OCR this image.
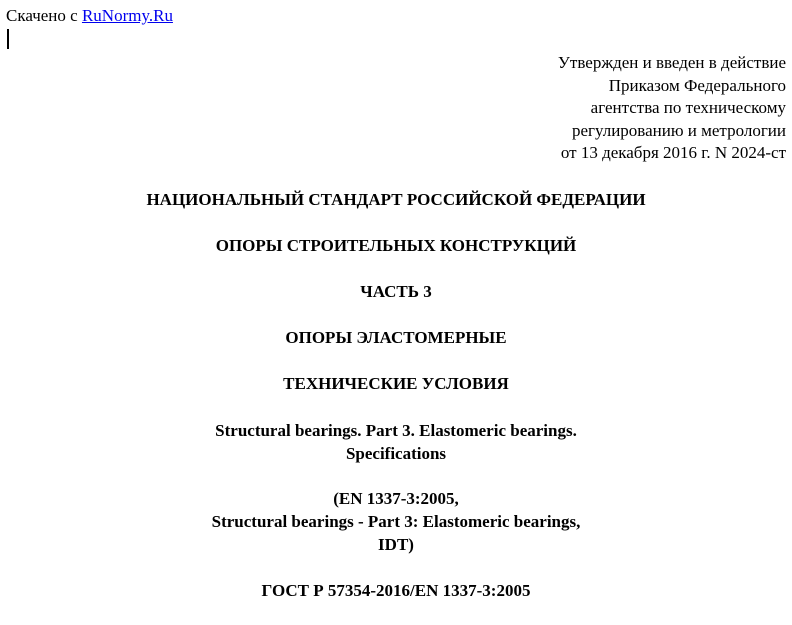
Скачено с RuNormy.Ru
Утвержден и введен в действие
Приказом Федерального
агентства по техническому
регулированию и метрологии
от 13 декабря 2016 г. N 2024-ст
НАЦИОНАЛЬНЫЙ СТАНДАРТ РОССИЙСКОЙ ФЕДЕРАЦИИ
ОПОРЫ СТРОИТЕЛЬНЫХ КОНСТРУКЦИЙ
ЧАСТЬ 3
ОПОРЫ ЭЛАСТОМЕРНЫЕ
ТЕХНИЧЕСКИЕ УСЛОВИЯ
Structural bearings. Part 3. Elastomeric bearings.
Specifications
(EN 1337-3:2005,
Structural bearings - Part 3: Elastomeric bearings,
IDT)
ГОСТ Р 57354-2016/EN 1337-3:2005
